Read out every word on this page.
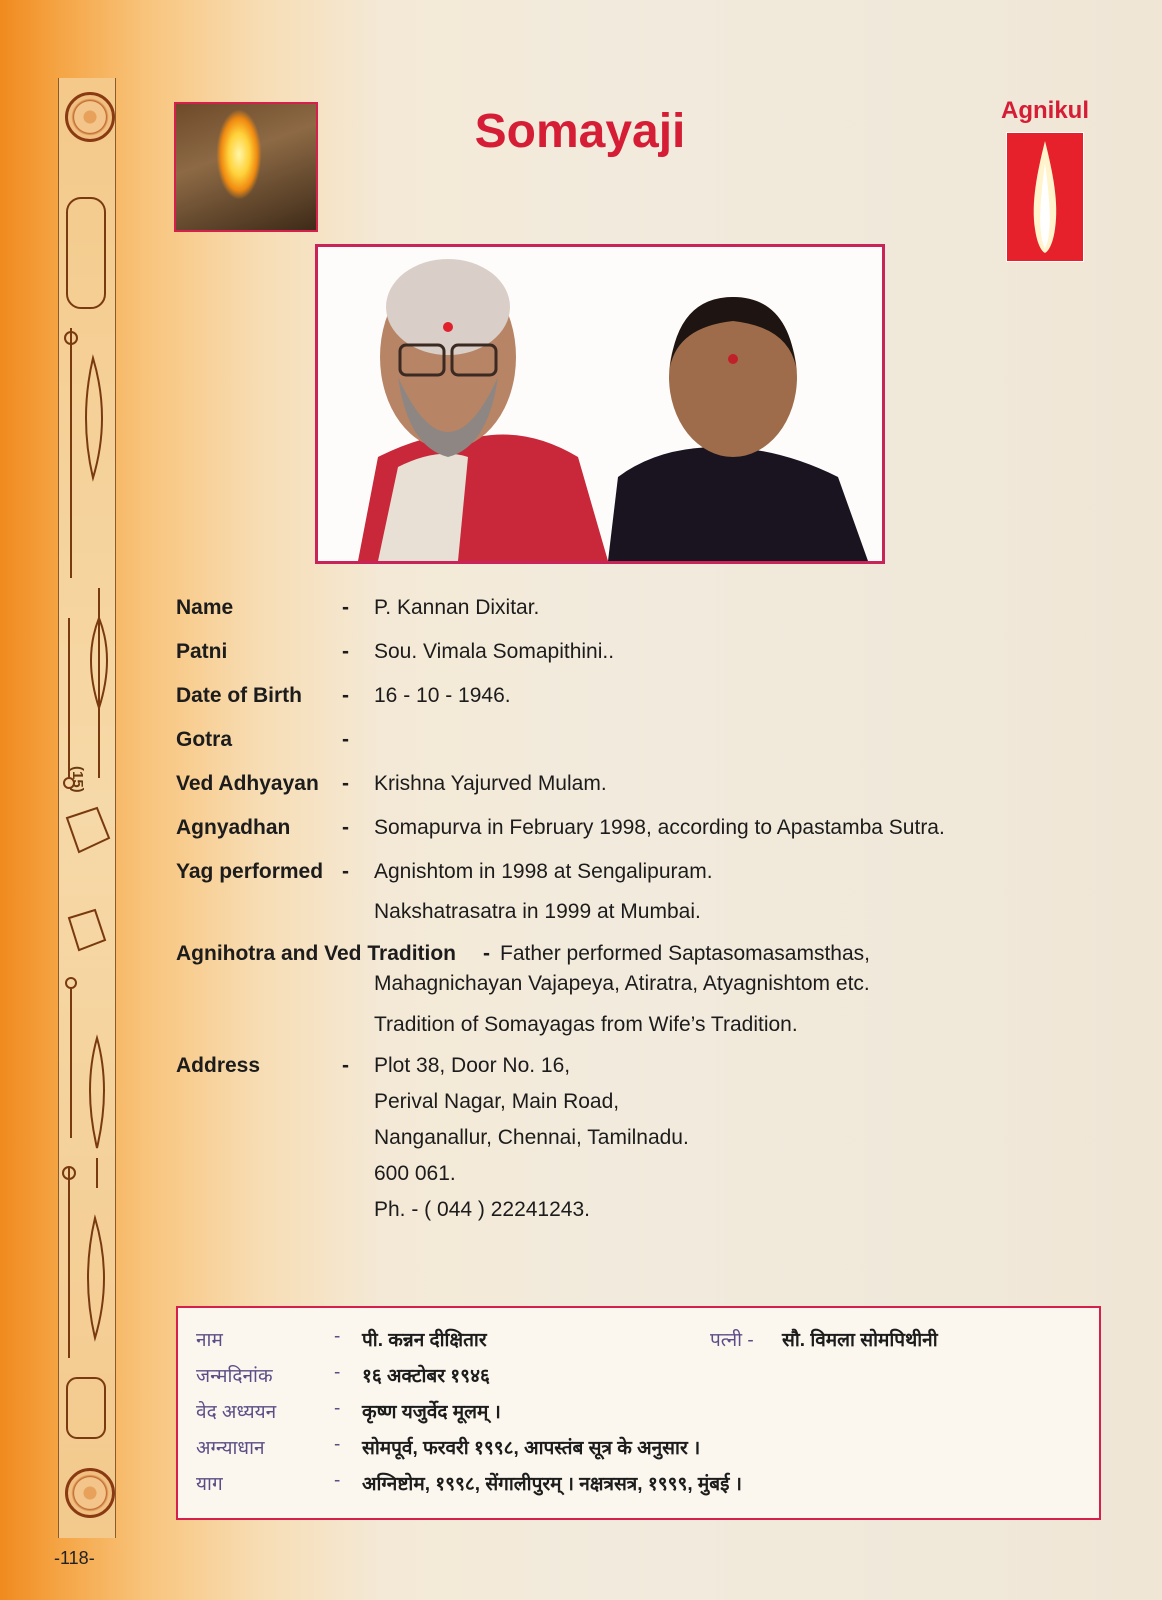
(15)
Somayaji	Agnikul
Name	- P. Kannan Dixitar.
Patni	- Sou. Vimala Somapithini..
Date of Birth - 16 - 10 - 1946.
Gotra	-
Ved Adhyayan - Krishna Yajurved Mulam.
Agnyadhan - Somapurva in February 1998, according to Apastamba Sutra.
Yag performed - Agnishtom in 1998 at Sengalipuram.
Nakshatrasatra in 1999 at Mumbai.
Agnihotra and Ved Tradition - Father performed Saptasomasamsthas,
Mahagnichayan Vajapeya, Atiratra, Atyagnishtom etc.
Tradition of Somayagas from Wife’s Tradition.
Address	- Plot 38, Door No. 16,
Perival Nagar, Main Road,
Nanganallur, Chennai, Tamilnadu.
600 061.
Ph. - ( 044 ) 22241243.
नाम	- पी. कन्नन दीक्षितार	पत्नी - सौ. विमला सोमपिथीनी
जन्मदिनांक	- १६ अक्टोबर १९४६
वेद अध्ययन	- कृष्ण यजुर्वेद मूलम् ।
अग्न्याधान	- सोमपूर्व, फरवरी १९९८, आपस्तंब सूत्र के अनुसार ।
याग	- अग्निष्टोम, १९९८, सेंगालीपुरम् । नक्षत्रसत्र, १९९९, मुंबई ।
-118-
